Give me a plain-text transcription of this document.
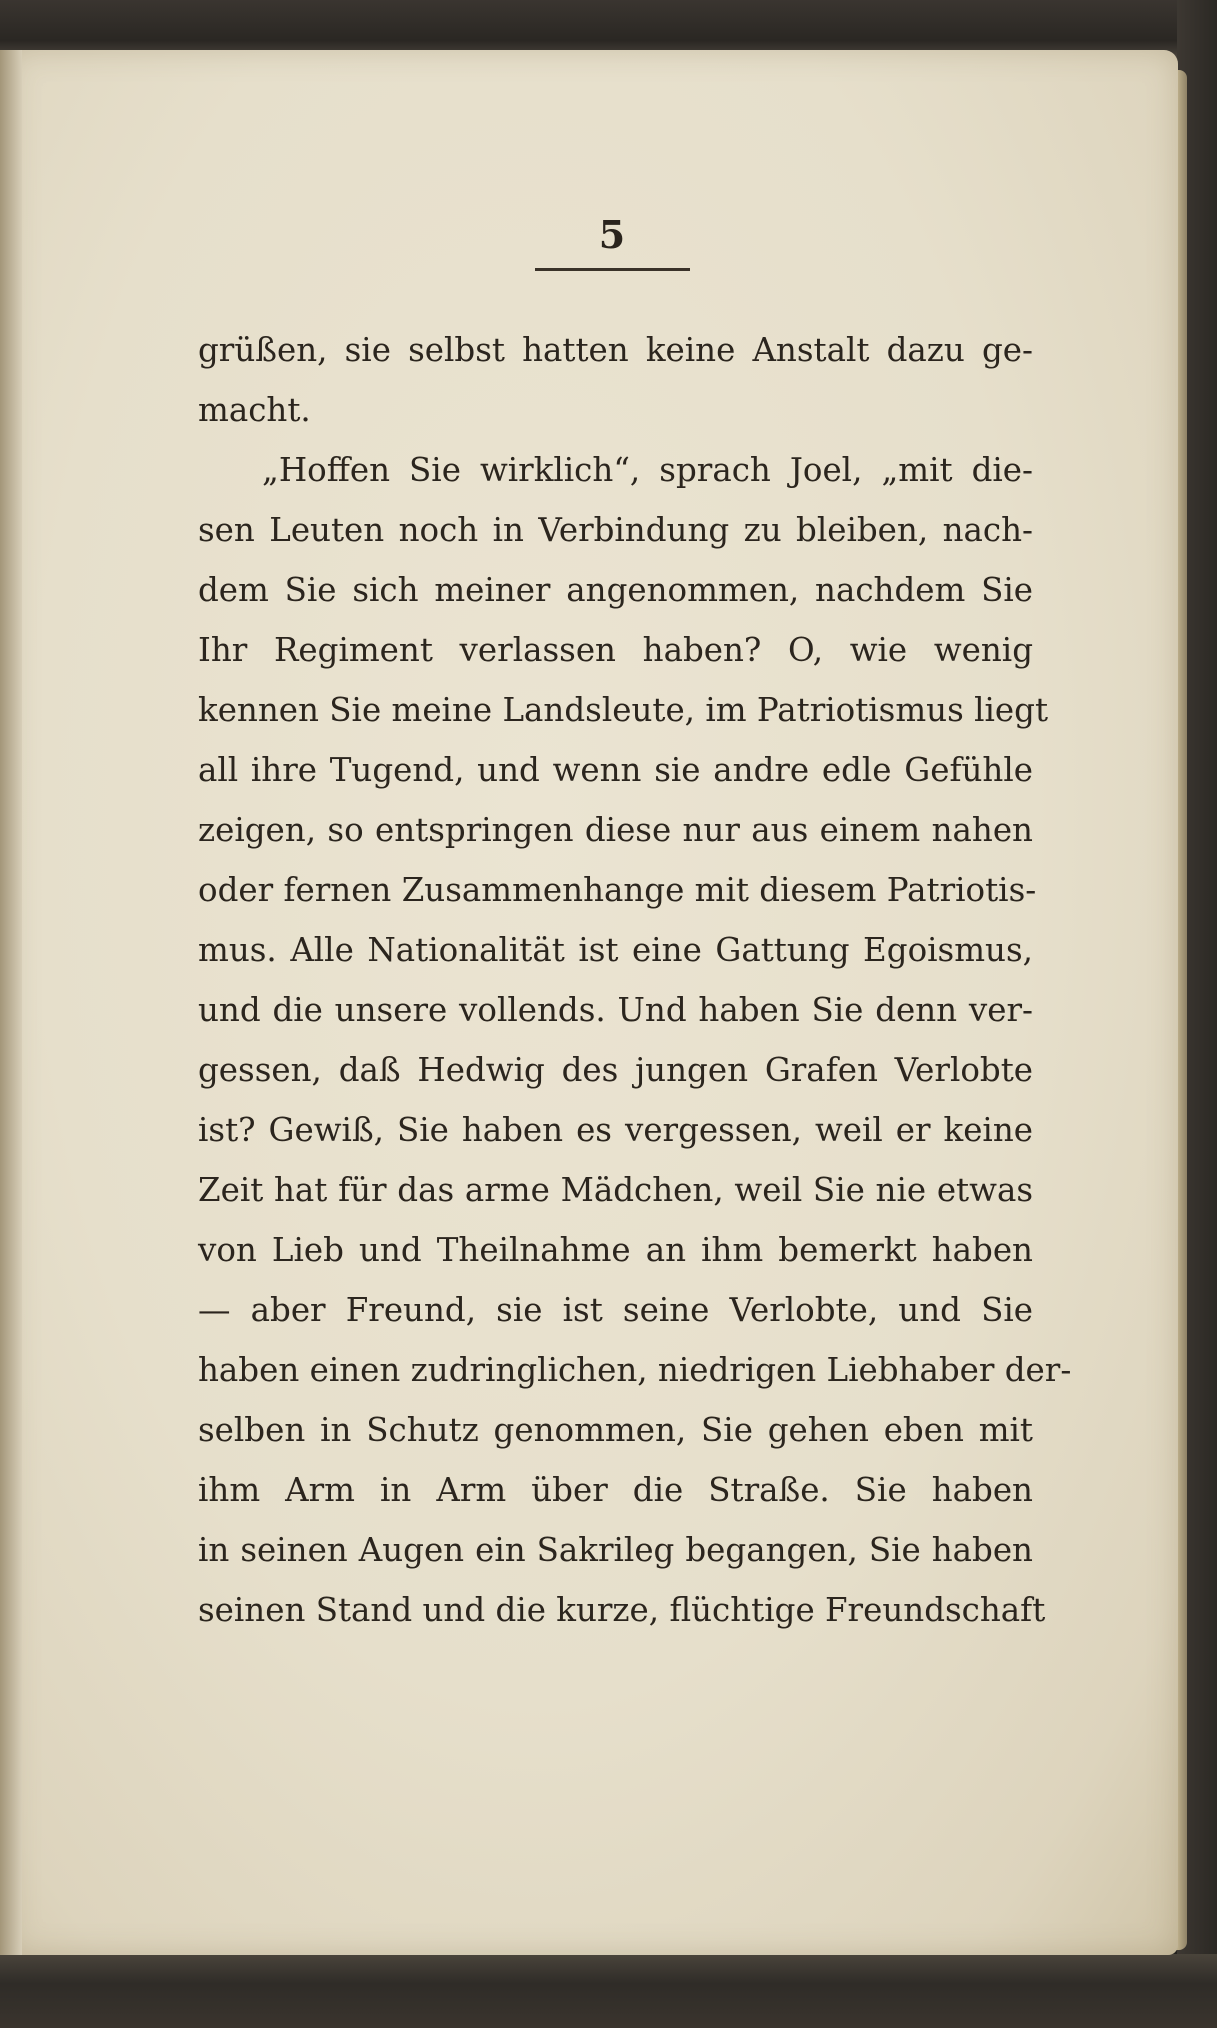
5
grüßen, sie selbst hatten keine Anstalt dazu ge-
macht.
„Hoffen Sie wirklich“, sprach Joel, „mit die-
sen Leuten noch in Verbindung zu bleiben, nach-
dem Sie sich meiner angenommen, nachdem Sie
Ihr Regiment verlassen haben? O, wie wenig
kennen Sie meine Landsleute, im Patriotismus liegt
all ihre Tugend, und wenn sie andre edle Gefühle
zeigen, so entspringen diese nur aus einem nahen
oder fernen Zusammenhange mit diesem Patriotis-
mus. Alle Nationalität ist eine Gattung Egoismus,
und die unsere vollends. Und haben Sie denn ver-
gessen, daß Hedwig des jungen Grafen Verlobte
ist? Gewiß, Sie haben es vergessen, weil er keine
Zeit hat für das arme Mädchen, weil Sie nie etwas
von Lieb und Theilnahme an ihm bemerkt haben
— aber Freund, sie ist seine Verlobte, und Sie
haben einen zudringlichen, niedrigen Liebhaber der-
selben in Schutz genommen, Sie gehen eben mit
ihm Arm in Arm über die Straße. Sie haben
in seinen Augen ein Sakrileg begangen, Sie haben
seinen Stand und die kurze, flüchtige Freundschaft
